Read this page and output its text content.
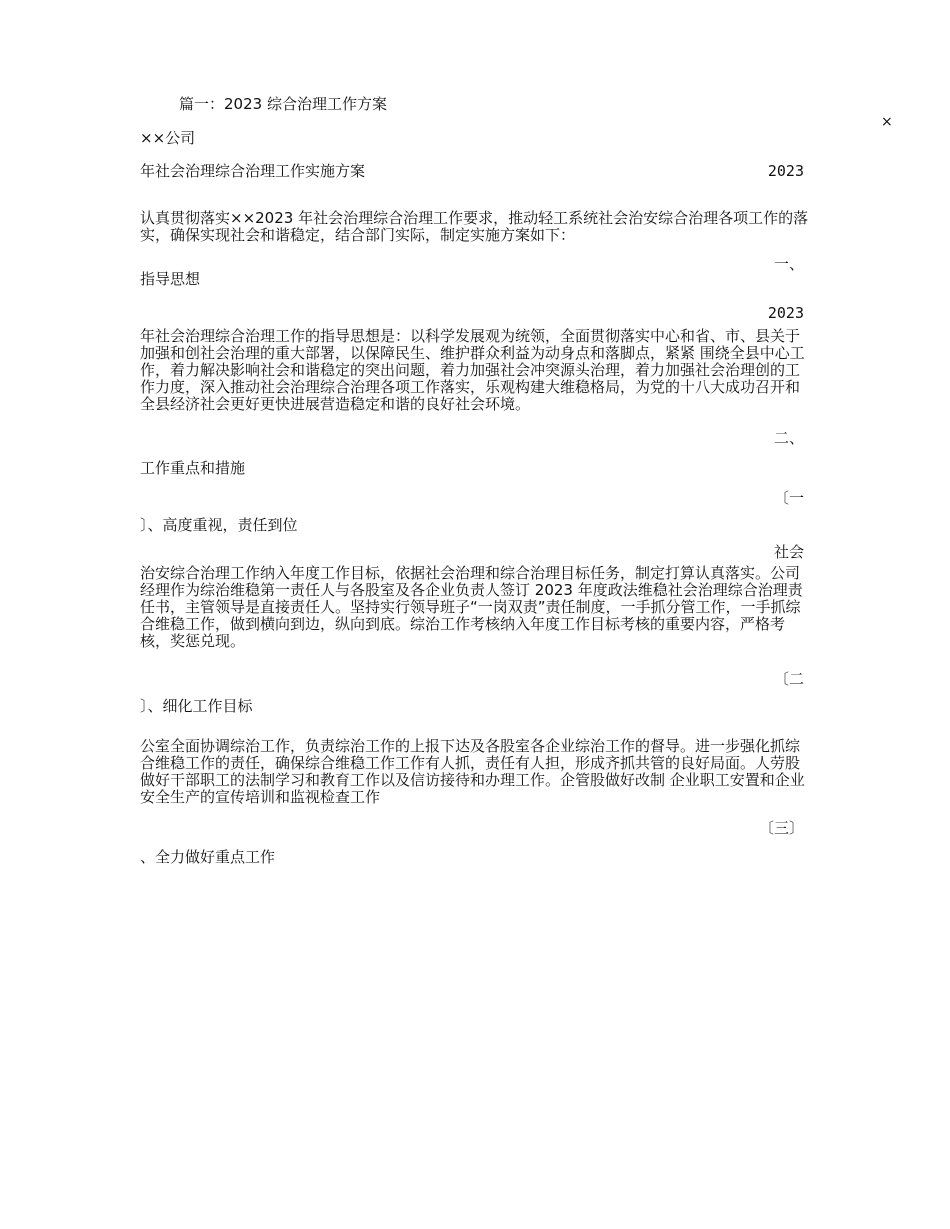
×
篇一：2023 综合治理工作方案
××公司
年社会治理综合治理工作实施方案	2023
认真贯彻落实××2023 年社会治理综合治理工作要求，推动轻工系统社会治安综合治理各项工作的落实，确保实现社会和谐稳定，结合部门实际，制定实施方案如下：
一、
指导思想
2023
年社会治理综合治理工作的指导思想是：以科学发展观为统领，全面贯彻落实中心和省、市、县关于加强和创社会治理的重大部署，以保障民生、维护群众利益为动身点和落脚点，紧紧 围绕全县中心工作，着力解决影响社会和谐稳定的突出问题，着力加强社会冲突源头治理，着力加强社会治理创的工作力度，深入推动社会治理综合治理各项工作落实，乐观构建大维稳格局，为党的十八大成功召开和全县经济社会更好更快进展营造稳定和谐的良好社会环境。
二、
工作重点和措施
〔一
〕、高度重视，责任到位
社会
治安综合治理工作纳入年度工作目标，依据社会治理和综合治理目标任务，制定打算认真落实。公司经理作为综治维稳第一责任人与各股室及各企业负责人签订 2023 年度政法维稳社会治理综合治理责任书，主管领导是直接责任人。坚持实行领导班子“一岗双责”责任制度，一手抓分管工作，一手抓综合维稳工作，做到横向到边，纵向到底。综治工作考核纳入年度工作目标考核的重要内容，严格考核，奖惩兑现。
〔二
〕、细化工作目标
公室全面协调综治工作，负责综治工作的上报下达及各股室各企业综治工作的督导。进一步强化抓综合维稳工作的责任，确保综合维稳工作工作有人抓，责任有人担，形成齐抓共管的良好局面。人劳股做好干部职工的法制学习和教育工作以及信访接待和办理工作。企管股做好改制 企业职工安置和企业安全生产的宣传培训和监视检查工作
〔三〕
、全力做好重点工作
